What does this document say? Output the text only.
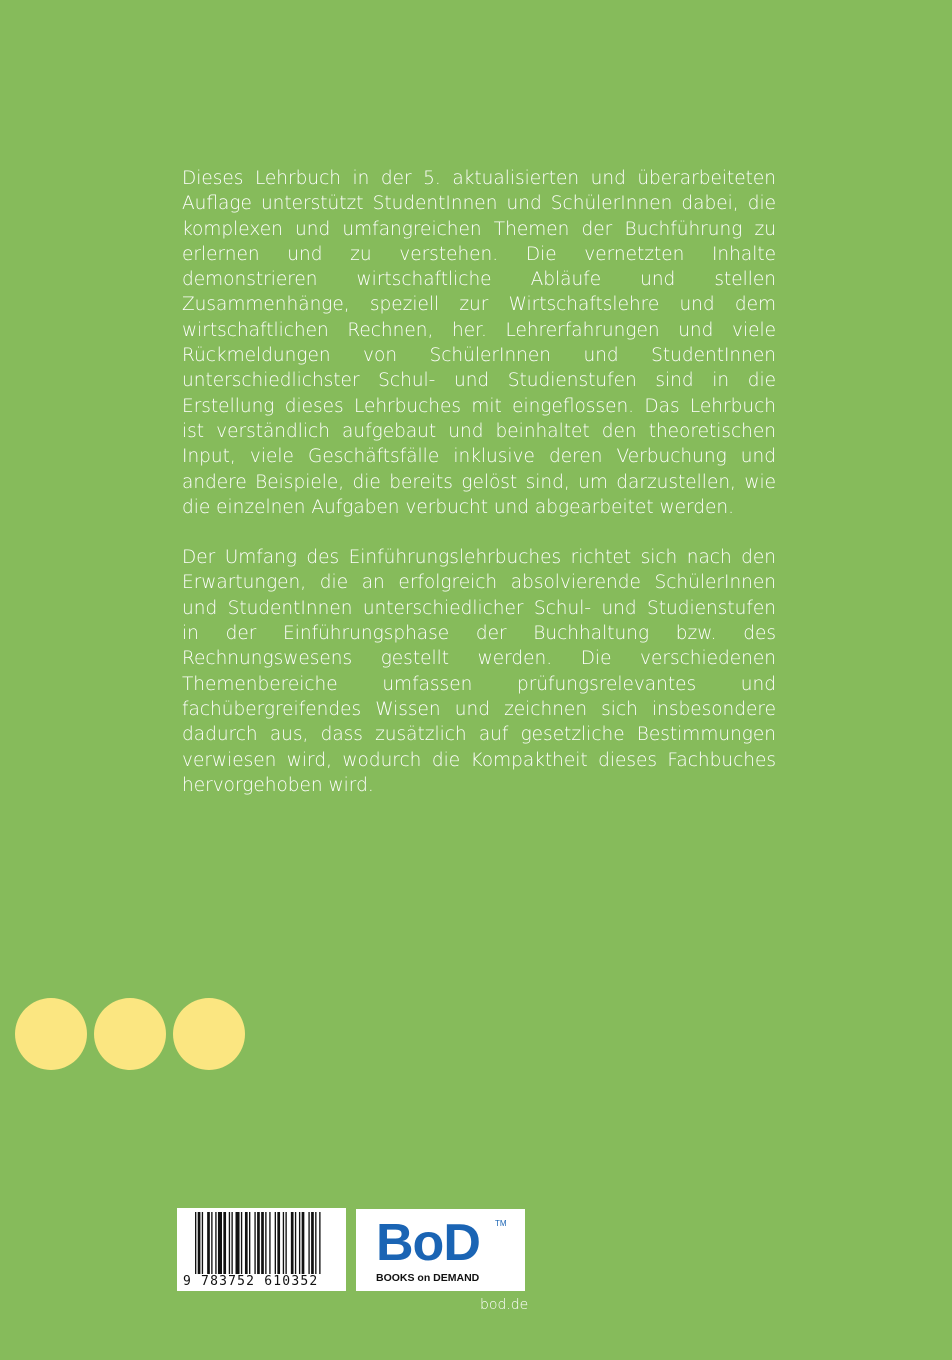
Dieses Lehrbuch in der 5. aktualisierten und überarbeiteten Auflage unterstützt StudentInnen und SchülerInnen dabei, die komplexen und umfangreichen Themen der Buchführung zu erlernen und zu verstehen. Die vernetzten Inhalte demonstrieren wirtschaftliche Abläufe und stellen Zusammenhänge, speziell zur Wirtschaftslehre und dem wirtschaftlichen Rechnen, her. Lehrerfahrungen und viele Rückmeldungen von SchülerInnen und StudentInnen unterschiedlichster Schul- und Studienstufen sind in die Erstellung dieses Lehrbuches mit eingeflossen. Das Lehrbuch ist verständlich aufgebaut und beinhaltet den theoretischen Input, viele Geschäftsfälle inklusive deren Verbuchung und andere Beispiele, die bereits gelöst sind, um darzustellen, wie die einzelnen Aufgaben verbucht und abgearbeitet werden.

Der Umfang des Einführungslehrbuches richtet sich nach den Erwartungen, die an erfolgreich absolvierende SchülerInnen und StudentInnen unterschiedlicher Schul- und Studienstufen in der Einführungsphase der Buchhaltung bzw. des Rechnungswesens gestellt werden. Die verschiedenen Themenbereiche umfassen prüfungsrelevantes und fachübergreifendes Wissen und zeichnen sich insbesondere dadurch aus, dass zusätzlich auf gesetzliche Bestimmungen verwiesen wird, wodurch die Kompaktheit dieses Fachbuches hervorgehoben wird.

9 783752 610352
BoD TM
BOOKS on DEMAND
bod.de
